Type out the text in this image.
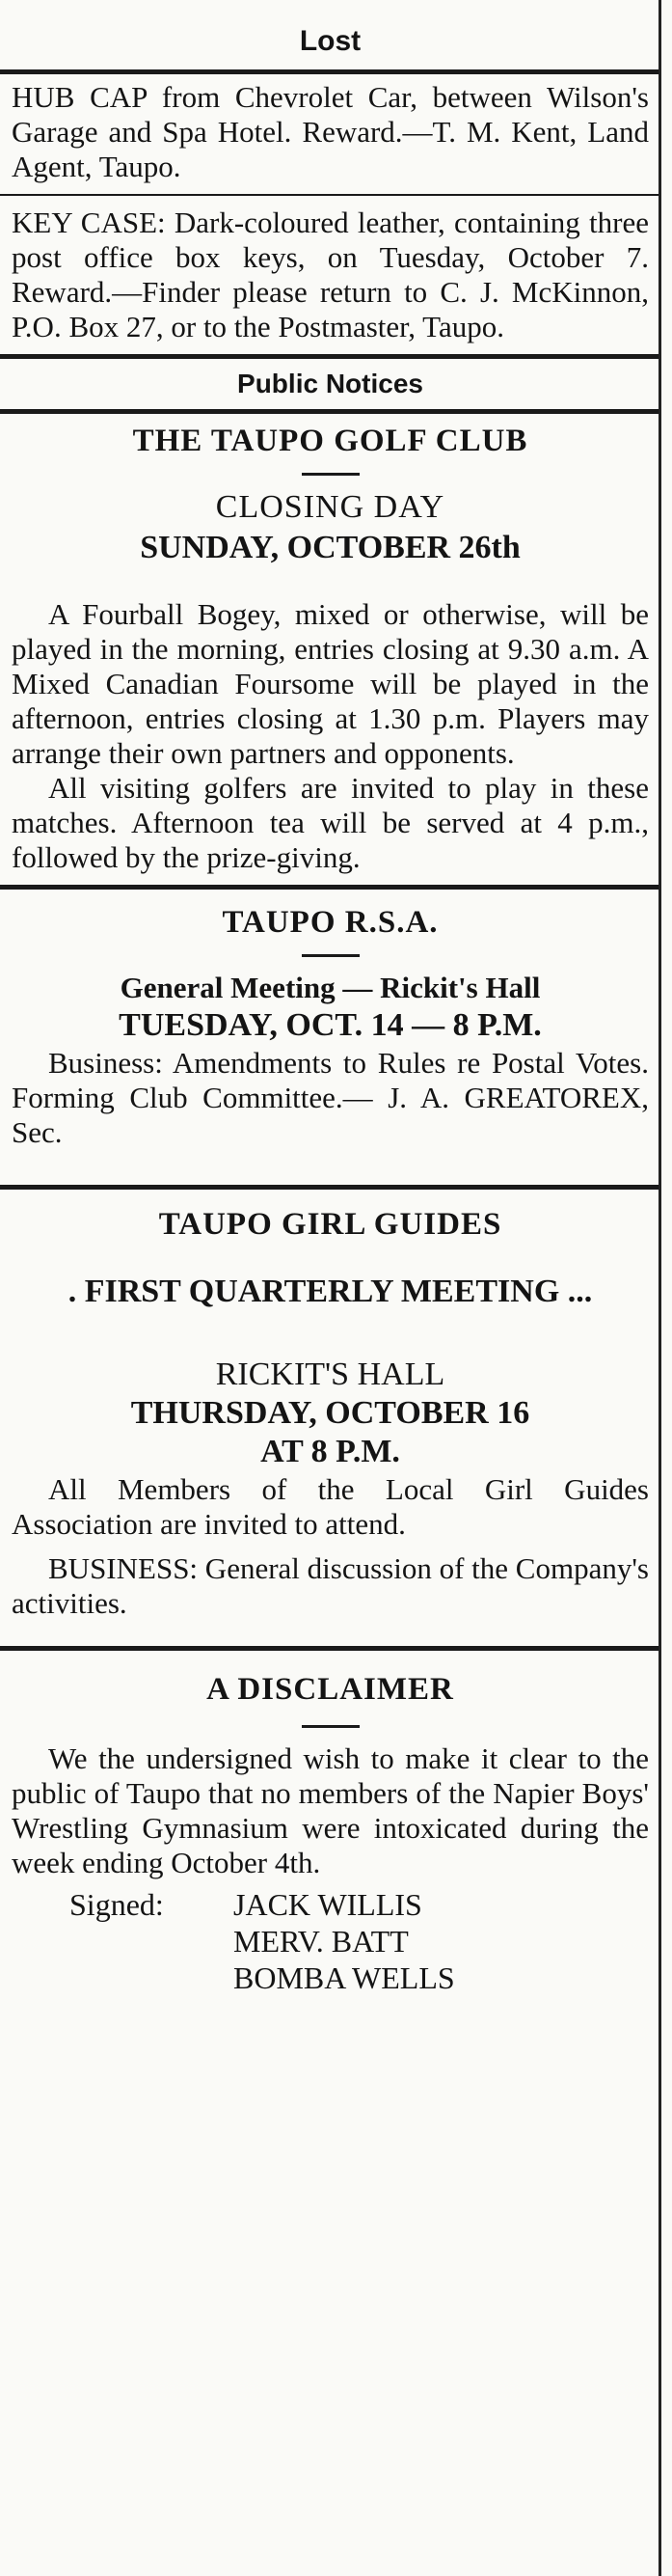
Lost

HUB CAP from Chevrolet Car, between Wilson's Garage and Spa Hotel. Reward.—T. M. Kent, Land Agent, Taupo.

KEY CASE: Dark-coloured leather, containing three post office box keys, on Tuesday, October 7. Reward.—Finder please return to C. J. McKinnon, P.O. Box 27, or to the Postmaster, Taupo.

Public Notices
THE TAUPO GOLF CLUB
CLOSING DAY
SUNDAY, OCTOBER 26th

A Fourball Bogey, mixed or otherwise, will be played in the morning, entries closing at 9.30 a.m. A Mixed Canadian Foursome will be played in the afternoon, entries closing at 1.30 p.m. Players may arrange their own partners and opponents.

All visiting golfers are invited to play in these matches. Afternoon tea will be served at 4 p.m., followed by the prize-giving.

TAUPO R.S.A.
General Meeting — Rickit's Hall
TUESDAY, OCT. 14 — 8 P.M.

Business: Amendments to Rules re Postal Votes. Forming Club Committee.— J. A. GREATOREX, Sec.

TAUPO GIRL GUIDES
. FIRST QUARTERLY MEETING ...
RICKIT'S HALL
THURSDAY, OCTOBER 16
AT 8 P.M.

All Members of the Local Girl Guides Association are invited to attend.

BUSINESS: General discussion of the Company's activities.

A DISCLAIMER

We the undersigned wish to make it clear to the public of Taupo that no members of the Napier Boys' Wrestling Gymnasium were intoxicated during the week ending October 4th.

Signed: JACK WILLIS
MERV. BATT
BOMBA WELLS
